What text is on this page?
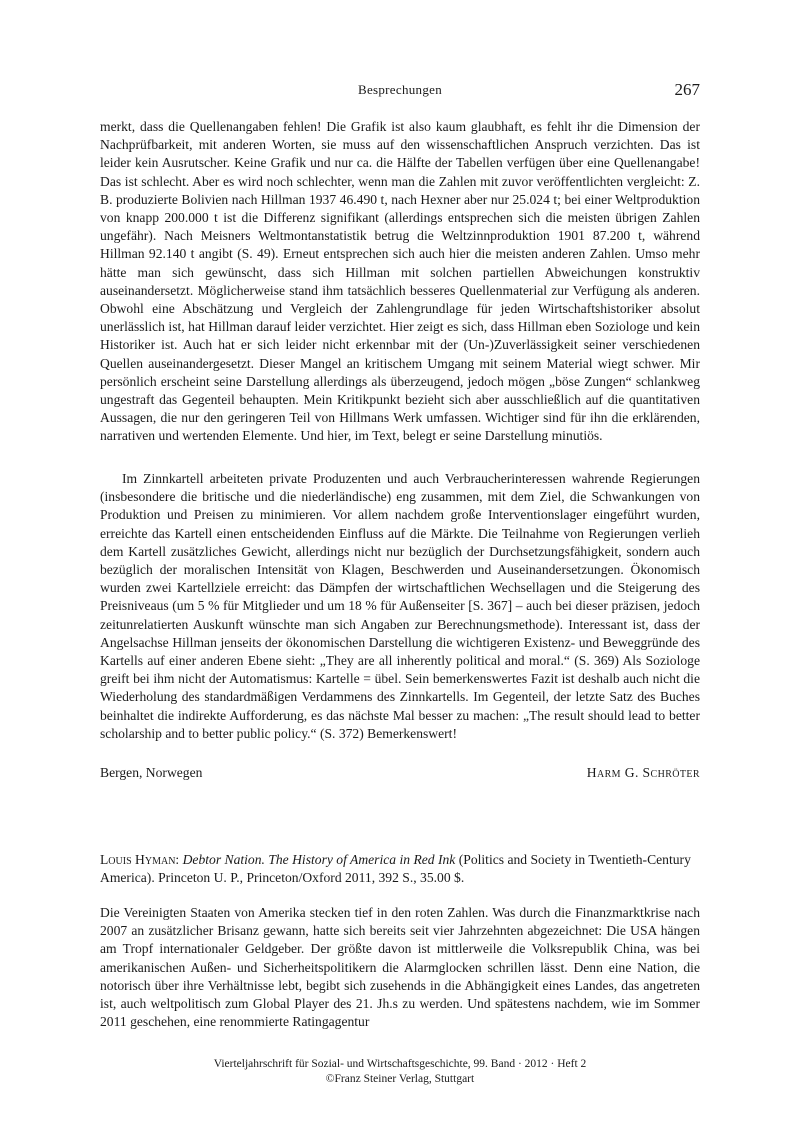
Besprechungen	267

merkt, dass die Quellenangaben fehlen! Die Grafik ist also kaum glaubhaft, es fehlt ihr die Dimension der Nachprüfbarkeit, mit anderen Worten, sie muss auf den wissenschaftlichen Anspruch verzichten. Das ist leider kein Ausrutscher. Keine Grafik und nur ca. die Hälfte der Tabellen verfügen über eine Quellenangabe! Das ist schlecht. Aber es wird noch schlechter, wenn man die Zahlen mit zuvor veröffentlichten vergleicht: Z. B. produzierte Bolivien nach Hillman 1937 46.490 t, nach Hexner aber nur 25.024 t; bei einer Weltproduktion von knapp 200.000 t ist die Differenz signifikant (allerdings entsprechen sich die meisten übrigen Zahlen ungefähr). Nach Meisners Weltmontanstatistik betrug die Weltzinnproduktion 1901 87.200 t, während Hillman 92.140 t angibt (S. 49). Erneut entsprechen sich auch hier die meisten anderen Zahlen. Umso mehr hätte man sich gewünscht, dass sich Hillman mit solchen partiellen Abweichungen konstruktiv auseinandersetzt. Möglicherweise stand ihm tatsächlich besseres Quellenmaterial zur Verfügung als anderen. Obwohl eine Abschätzung und Vergleich der Zahlengrundlage für jeden Wirtschaftshistoriker absolut unerlässlich ist, hat Hillman darauf leider verzichtet. Hier zeigt es sich, dass Hillman eben Soziologe und kein Historiker ist. Auch hat er sich leider nicht erkennbar mit der (Un-)Zuverlässigkeit seiner verschiedenen Quellen auseinandergesetzt. Dieser Mangel an kritischem Umgang mit seinem Material wiegt schwer. Mir persönlich erscheint seine Darstellung allerdings als überzeugend, jedoch mögen „böse Zungen“ schlankweg ungestraft das Gegenteil behaupten. Mein Kritikpunkt bezieht sich aber ausschließlich auf die quantitativen Aussagen, die nur den geringeren Teil von Hillmans Werk umfassen. Wichtiger sind für ihn die erklärenden, narrativen und wertenden Elemente. Und hier, im Text, belegt er seine Darstellung minutiös.

Im Zinnkartell arbeiteten private Produzenten und auch Verbraucherinteressen wahrende Regierungen (insbesondere die britische und die niederländische) eng zusammen, mit dem Ziel, die Schwankungen von Produktion und Preisen zu minimieren. Vor allem nachdem große Interventionslager eingeführt wurden, erreichte das Kartell einen entscheidenden Einfluss auf die Märkte. Die Teilnahme von Regierungen verlieh dem Kartell zusätzliches Gewicht, allerdings nicht nur bezüglich der Durchsetzungsfähigkeit, sondern auch bezüglich der moralischen Intensität von Klagen, Beschwerden und Auseinandersetzungen. Ökonomisch wurden zwei Kartellziele erreicht: das Dämpfen der wirtschaftlichen Wechsellagen und die Steigerung des Preisniveaus (um 5 % für Mitglieder und um 18 % für Außenseiter [S. 367] – auch bei dieser präzisen, jedoch zeitunrelatierten Auskunft wünschte man sich Angaben zur Berechnungsmethode). Interessant ist, dass der Angelsachse Hillman jenseits der ökonomischen Darstellung die wichtigeren Existenz- und Beweggründe des Kartells auf einer anderen Ebene sieht: „They are all inherently political and moral.“ (S. 369) Als Soziologe greift bei ihm nicht der Automatismus: Kartelle = übel. Sein bemerkenswertes Fazit ist deshalb auch nicht die Wiederholung des standardmäßigen Verdammens des Zinnkartells. Im Gegenteil, der letzte Satz des Buches beinhaltet die indirekte Aufforderung, es das nächste Mal besser zu machen: „The result should lead to better scholarship and to better public policy.“ (S. 372) Bemerkenswert!

Bergen, Norwegen	Harm G. Schröter

Louis Hyman: Debtor Nation. The History of America in Red Ink (Politics and Society in Twentieth-Century America). Princeton U. P., Princeton/Oxford 2011, 392 S., 35.00 $.

Die Vereinigten Staaten von Amerika stecken tief in den roten Zahlen. Was durch die Finanzmarktkrise nach 2007 an zusätzlicher Brisanz gewann, hatte sich bereits seit vier Jahrzehnten abgezeichnet: Die USA hängen am Tropf internationaler Geldgeber. Der größte davon ist mittlerweile die Volksrepublik China, was bei amerikanischen Außen- und Sicherheitspolitikern die Alarmglocken schrillen lässt. Denn eine Nation, die notorisch über ihre Verhältnisse lebt, begibt sich zusehends in die Abhängigkeit eines Landes, das angetreten ist, auch weltpolitisch zum Global Player des 21. Jh.s zu werden. Und spätestens nachdem, wie im Sommer 2011 geschehen, eine renommierte Ratingagentur

Vierteljahrschrift für Sozial- und Wirtschaftsgeschichte, 99. Band · 2012 · Heft 2
©Franz Steiner Verlag, Stuttgart
